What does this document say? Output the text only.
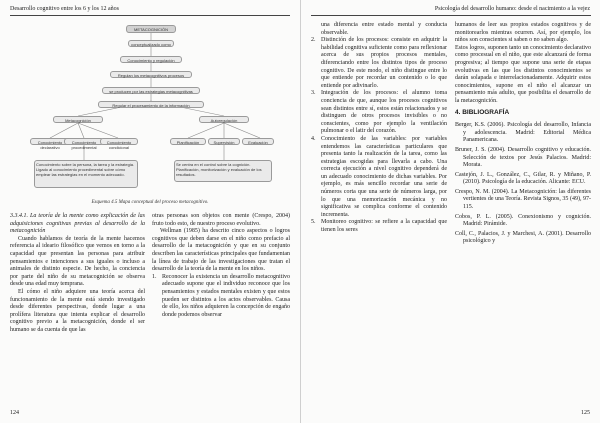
Desarrollo cognitivo entre los 6 y los 12 años
METACOGNICIÓN
conceptualizado como
Conocimiento y regulación
Regulan los metacognitivos procesos
se producen por las estrategias metacognitivas
Regular el procesamiento de la información
Metacognición	Autoregulación
Conocimiento declarativo
Conocimiento procedimental
Conocimiento condicional
Planificación	Supervisión	Evaluación
Conocimiento sobre la persona, la tarea y la estrategia. Ligado al conocimiento procedimental sobre cómo emplear las estrategias en el momento adecuado.
Se centra en el control sobre la cognición. Planificación, monitorización y evaluación de los resultados.
Esquema 4.5 Mapa conceptual del proceso metacognitivo.

3.3.4.1. La teoría de la mente como explicación de las adquisiciones cognitivas previas al desarrollo de la metacognición

Cuando hablamos de teoría de la mente hacemos referencia al ideario filosófico que vemos en torno a la capacidad que presentan las personas para atribuir pensamientos e intenciones a sus iguales o incluso a animales de distinto especie. De hecho, la conciencia por parte del niño de su metacognición se observa desde una edad muy temprana.

El cómo el niño adquiere una teoría acerca del funcionamiento de la mente está siendo investigado desde diferentes perspectivas, donde lugar a una prolífera literatura que intenta explicar el desarrollo cognitivo previo a la metacognición, donde el ser humano se da cuenta de que las

otras personas son objetos con mente (Crespo, 2004) fruto todo esto, de nuestro proceso evolutivo.

Wellman (1985) ha descrito cinco aspectos o logros cognitivos que deben darse en el niño como prefacio al desarrollo de la metacognición y que en su conjunto describen las características principales que fundamentan la línea de trabajo de las investigaciones que tratan el desarrollo de la teoría de la mente en los niños.

1. Reconocer la existencia un desarrollo metacognitivo adecuado supone que el individuo reconoce que los pensamientos y estados mentales existen y que estos pueden ser distintos a los actos observables. Causa de ello, los niños adquieren la concepción de engaño donde podemos observar
124
Psicología del desarrollo humano: desde el nacimiento a la vejez

una diferencia entre estado mental y conducta observable.

2. Distinción de los procesos: consiste en adquirir la habilidad cognitiva suficiente como para reflexionar acerca de sus propios procesos mentales, diferenciando entre los distintos tipos de proceso cognitivo. De este modo, el niño distingue entre lo que entiende por recordar un contenido o lo que entiende por adivinarlo.
3. Integración de los procesos: el alumno toma conciencia de que, aunque los procesos cognitivos sean distintos entre sí, estos están relacionados y se distinguen de otros procesos invisibles o no conscientes, como por ejemplo la ventilación pulmonar o el latir del corazón.
4. Conocimiento de las variables: por variables entendemos las características particulares que presenta tanto la realización de la tarea, como las estrategias escogidas para llevarla a cabo. Una correcta ejecución a nivel cognitivo dependerá de un adecuado conocimiento de dichas variables. Por ejemplo, es más sencillo recordar una serie de números corta que una serie de números larga, por lo que una memorización mecánica y no significativa se complica conforme el contenido incrementa.
5. Monitoreo cognitivo: se refiere a la capacidad que tienen los seres

humanos de leer sus propios estados cognitivos y de monitorearlos mientras ocurren. Así, por ejemplo, los niños son conscientes si saben o no saben algo.

Estos logros, suponen tanto un conocimiento declarativo como procesual en el niño, que este alcanzará de forma progresiva; al tiempo que supone una serie de etapas evolutivas en las que los distintos conocimientos se darán solapada e interrelacionadamente. Adquirir estos conocimientos, supone en el niño el alcanzar un pensamiento más adulto, que posibilita el desarrollo de la metacognición.

4. BIBLIOGRAFÍA
Berger, K.S. (2006). Psicología del desarrollo, Infancia y adolescencia. Madrid: Editorial Médica Panamericana.
Bruner, J. S. (2004). Desarrollo cognitivo y educación. Selección de textos por Jesús Palacios. Madrid: Morata.
Castejón, J. L., González, C., Gilar, R. y Miñano, P. (2010). Psicología de la educación. Alicante: ECU.
Crespo, N. M. (2004). La Metacognición: las diferentes vertientes de una Teoría. Revista Signos, 35 (49), 97-115.
Cobos, P. L. (2005). Conexionismo y cognición. Madrid: Pirámide.
Coll, C., Palacios, J. y Marchesi, A. (2001). Desarrollo psicológico y
125
